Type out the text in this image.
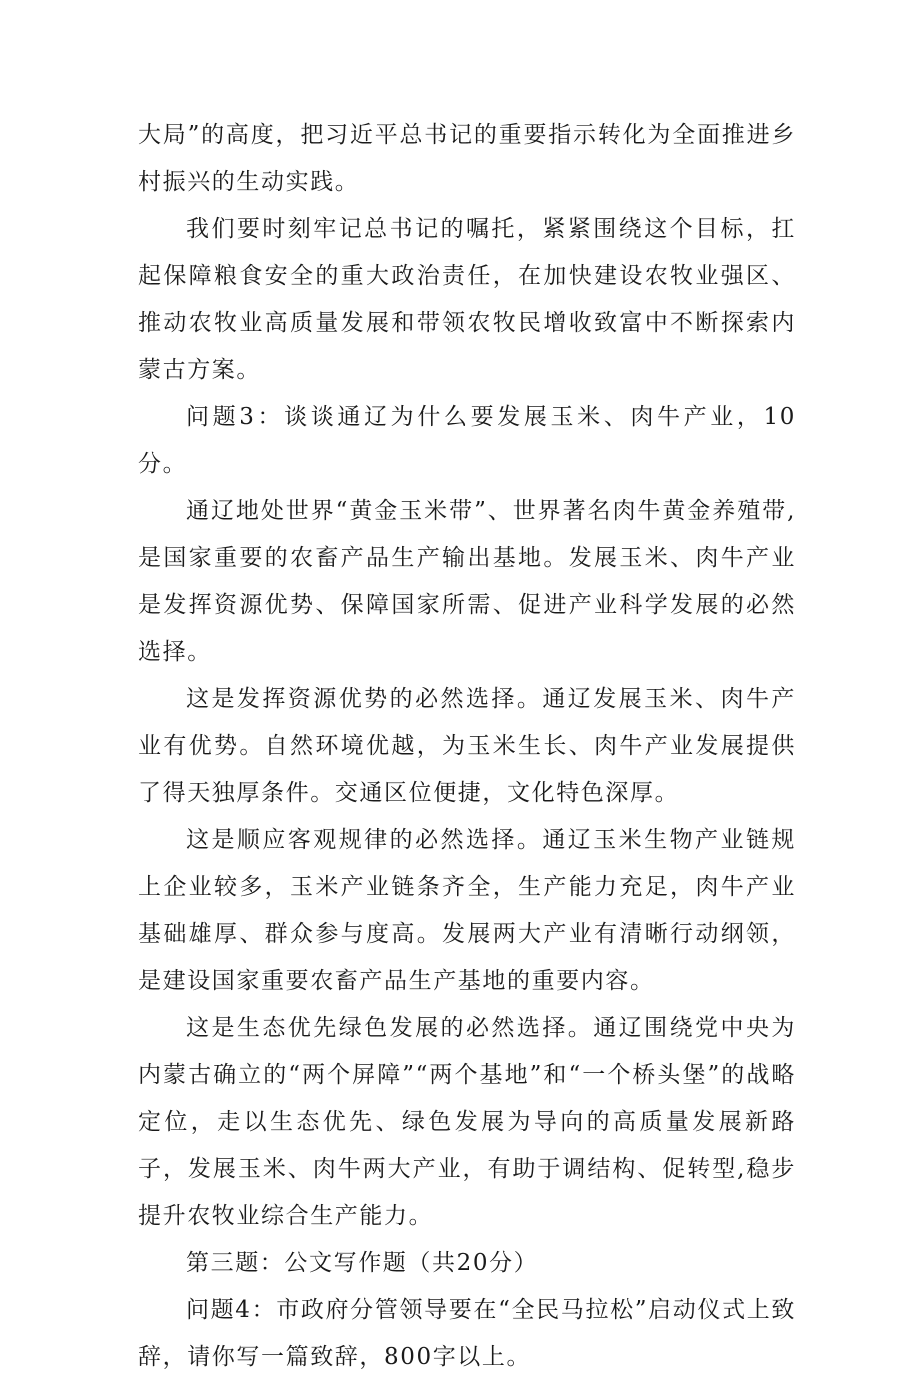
大局”的高度，把习近平总书记的重要指示转化为全面推进乡村振兴的生动实践。

我们要时刻牢记总书记的嘱托，紧紧围绕这个目标，扛起保障粮食安全的重大政治责任，在加快建设农牧业强区、推动农牧业高质量发展和带领农牧民增收致富中不断探索内蒙古方案。

问题3：谈谈通辽为什么要发展玉米、肉牛产业，10分。

通辽地处世界“黄金玉米带”、世界著名肉牛黄金养殖带,是国家重要的农畜产品生产输出基地。发展玉米、肉牛产业是发挥资源优势、保障国家所需、促进产业科学发展的必然选择。

这是发挥资源优势的必然选择。通辽发展玉米、肉牛产业有优势。自然环境优越，为玉米生长、肉牛产业发展提供了得天独厚条件。交通区位便捷，文化特色深厚。

这是顺应客观规律的必然选择。通辽玉米生物产业链规上企业较多，玉米产业链条齐全，生产能力充足，肉牛产业基础雄厚、群众参与度高。发展两大产业有清晰行动纲领，是建设国家重要农畜产品生产基地的重要内容。

这是生态优先绿色发展的必然选择。通辽围绕党中央为内蒙古确立的“两个屏障”“两个基地”和“一个桥头堡”的战略定位，走以生态优先、绿色发展为导向的高质量发展新路子，发展玉米、肉牛两大产业，有助于调结构、促转型,稳步提升农牧业综合生产能力。

第三题：公文写作题（共20分）

问题4：市政府分管领导要在“全民马拉松”启动仪式上致辞，请你写一篇致辞，800字以上。
